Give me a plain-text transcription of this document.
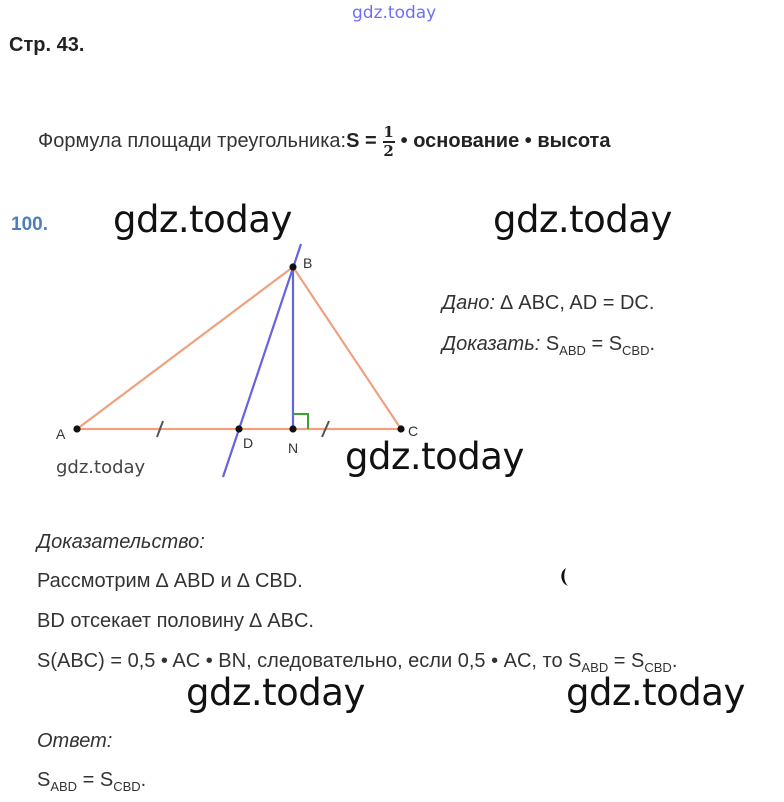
gdz.today
Стр. 43.
Формула площади треугольника: $S = \frac{1}{2}$ • основание • высота
100. gdz.today	gdz.today
gdz.today
gdz.today	gdz.today
gdz.today
A
B
C
D N
Дано: ∆ ABC, AD = DC.
Доказать: $S_{ABD} = S_{CBD}$.
Доказательство:
Рассмотрим ∆ ABD и ∆ CBD.
BD отсекает половину ∆ ABC.
S(ABC) = 0,5 • AC • BN, следовательно, если 0,5 • AC, то $S_{ABD} = S_{CBD}$.
Ответ:
$S_{ABD} = S_{CBD}$.
